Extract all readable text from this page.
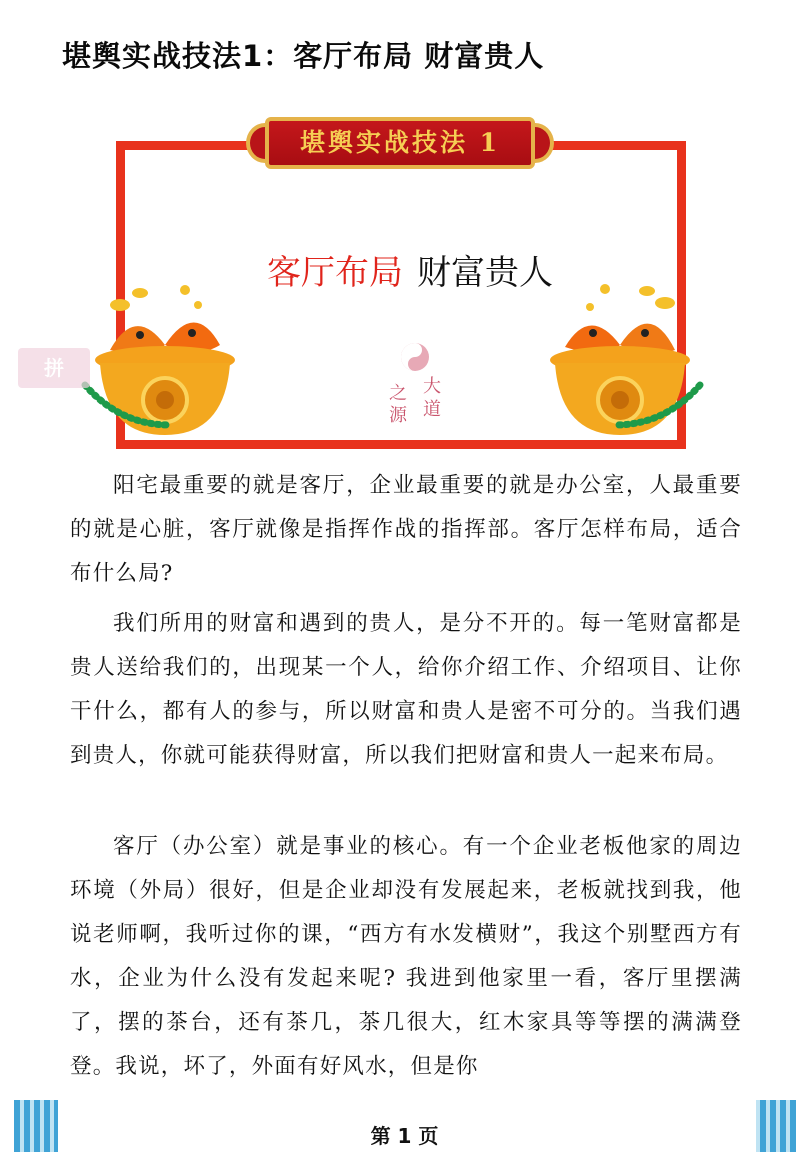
堪舆实战技法1：客厅布局 财富贵人
堪舆实战技法 1
客厅布局 财富贵人
大
之
道
源
拼

阳宅最重要的就是客厅，企业最重要的就是办公室，人最重要的就是心脏，客厅就像是指挥作战的指挥部。客厅怎样布局，适合布什么局?

我们所用的财富和遇到的贵人，是分不开的。每一笔财富都是贵人送给我们的，出现某一个人，给你介绍工作、介绍项目、让你干什么，都有人的参与，所以财富和贵人是密不可分的。当我们遇到贵人，你就可能获得财富，所以我们把财富和贵人一起来布局。

客厅（办公室）就是事业的核心。有一个企业老板他家的周边环境（外局）很好，但是企业却没有发展起来，老板就找到我，他说老师啊，我听过你的课，“西方有水发横财”，我这个别墅西方有水，企业为什么没有发起来呢? 我进到他家里一看，客厅里摆满了，摆的茶台，还有茶几，茶几很大，红木家具等等摆的满满登登。我说，坏了，外面有好风水，但是你

第 1 页
